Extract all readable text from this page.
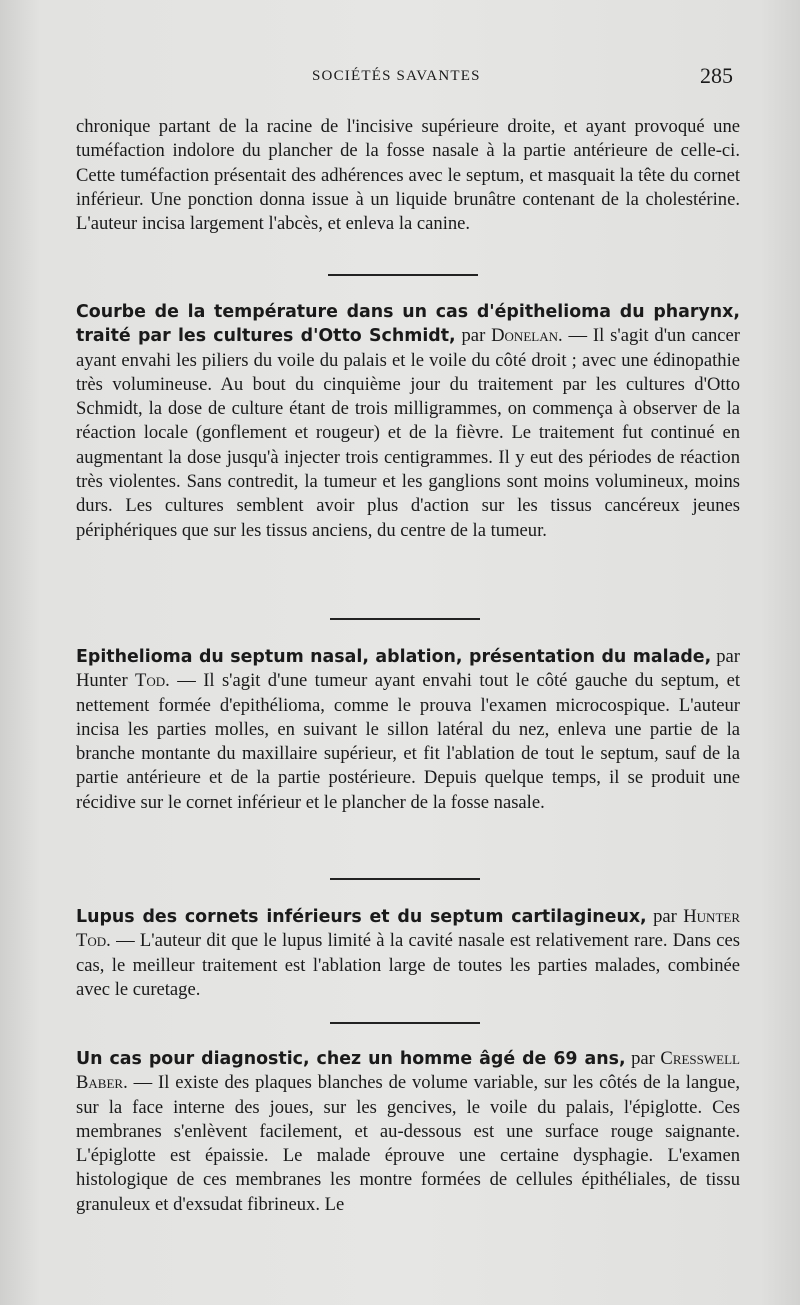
SOCIÉTÉS SAVANTES	285

chronique partant de la racine de l'incisive supérieure droite, et ayant provoqué une tuméfaction indolore du plancher de la fosse nasale à la partie antérieure de celle-ci. Cette tuméfaction présentait des adhérences avec le septum, et masquait la tête du cornet inférieur. Une ponction donna issue à un liquide brunâtre contenant de la cholestérine. L'auteur incisa largement l'abcès, et enleva la canine.

Courbe de la température dans un cas d'épithelioma du pharynx, traité par les cultures d'Otto Schmidt, par Donelan. — Il s'agit d'un cancer ayant envahi les piliers du voile du palais et le voile du côté droit ; avec une édinopathie très volumineuse. Au bout du cinquième jour du traitement par les cultures d'Otto Schmidt, la dose de culture étant de trois milligrammes, on commença à observer de la réaction locale (gonflement et rougeur) et de la fièvre. Le traitement fut continué en augmentant la dose jusqu'à injecter trois centigrammes. Il y eut des périodes de réaction très violentes. Sans contredit, la tumeur et les ganglions sont moins volumineux, moins durs. Les cultures semblent avoir plus d'action sur les tissus cancéreux jeunes périphériques que sur les tissus anciens, du centre de la tumeur.

Epithelioma du septum nasal, ablation, présentation du malade, par Hunter Tod. — Il s'agit d'une tumeur ayant envahi tout le côté gauche du septum, et nettement formée d'epithélioma, comme le prouva l'examen microcospique. L'auteur incisa les parties molles, en suivant le sillon latéral du nez, enleva une partie de la branche montante du maxillaire supérieur, et fit l'ablation de tout le septum, sauf de la partie antérieure et de la partie postérieure. Depuis quelque temps, il se produit une récidive sur le cornet inférieur et le plancher de la fosse nasale.

Lupus des cornets inférieurs et du septum cartilagineux, par Hunter Tod. — L'auteur dit que le lupus limité à la cavité nasale est relativement rare. Dans ces cas, le meilleur traitement est l'ablation large de toutes les parties malades, combinée avec le curetage.

Un cas pour diagnostic, chez un homme âgé de 69 ans, par Cresswell Baber. — Il existe des plaques blanches de volume variable, sur les côtés de la langue, sur la face interne des joues, sur les gencives, le voile du palais, l'épiglotte. Ces membranes s'enlèvent facilement, et au-dessous est une surface rouge saignante. L'épiglotte est épaissie. Le malade éprouve une certaine dysphagie. L'examen histologique de ces membranes les montre formées de cellules épithéliales, de tissu granuleux et d'exsudat fibrineux. Le
